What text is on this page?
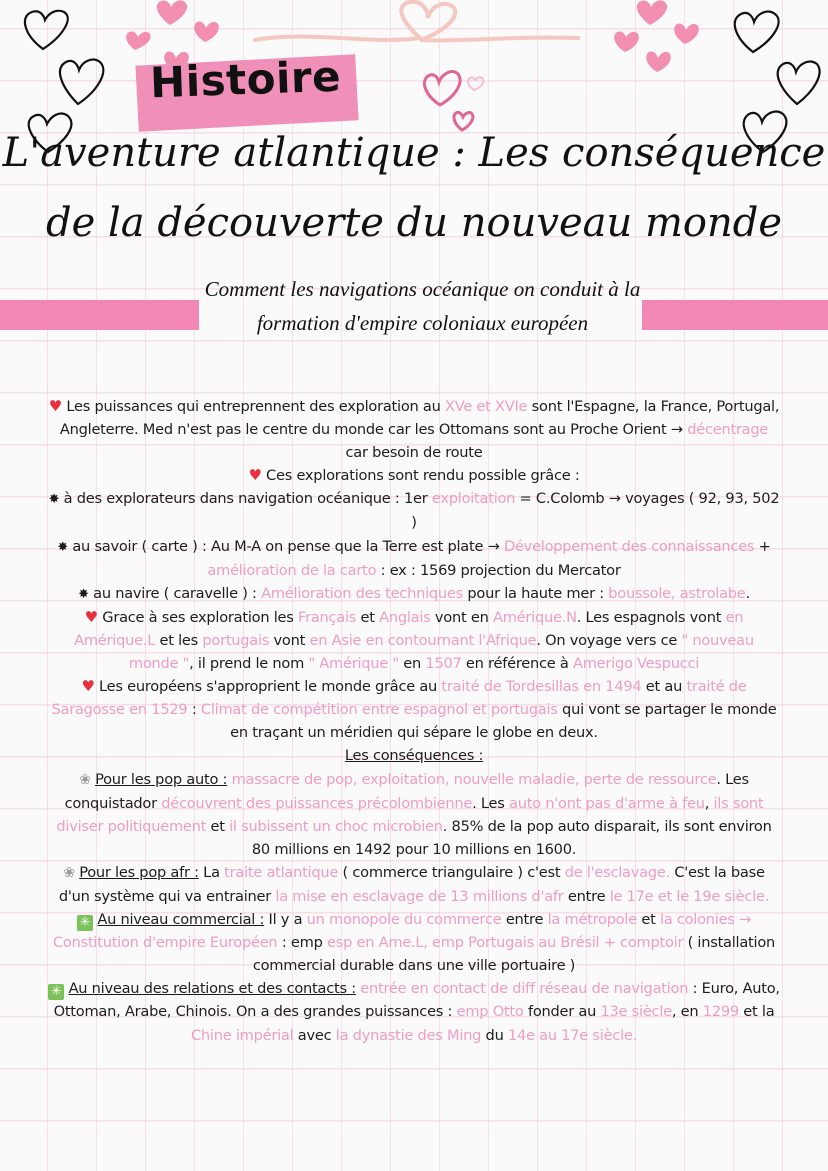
Histoire
L'aventure atlantique : Les conséquence
de la découverte du nouveau monde
Comment les navigations océanique on conduit à la
formation d'empire coloniaux européen

♥ Les puissances qui entreprennent des exploration au XVe et XVIe sont l'Espagne, la France, Portugal, Angleterre. Med n'est pas le centre du monde car les Ottomans sont au Proche Orient → décentrage car besoin de route

♥ Ces explorations sont rendu possible grâce :

✸ à des explorateurs dans navigation océanique : 1er exploitation = C.Colomb → voyages ( 92, 93, 502 )

✸ au savoir ( carte ) : Au M-A on pense que la Terre est plate → Développement des connaissances + amélioration de la carto : ex : 1569 projection du Mercator

✸ au navire ( caravelle ) : Amélioration des techniques pour la haute mer : boussole, astrolabe.

♥ Grace à ses exploration les Français et Anglais vont en Amérique.N. Les espagnols vont en Amérique.L et les portugais vont en Asie en contournant l'Afrique. On voyage vers ce " nouveau monde ", il prend le nom " Amérique " en 1507 en référence à Amerigo Vespucci

♥ Les européens s'approprient le monde grâce au traité de Tordesillas en 1494 et au traité de Saragosse en 1529 : Climat de compétition entre espagnol et portugais qui vont se partager le monde en traçant un méridien qui sépare le globe en deux.

Les conséquences :

❀ Pour les pop auto : massacre de pop, exploitation, nouvelle maladie, perte de ressource. Les conquistador découvrent des puissances précolombienne. Les auto n'ont pas d'arme à feu, ils sont diviser politiquement et il subissent un choc microbien. 85% de la pop auto disparait, ils sont environ 80 millions en 1492 pour 10 millions en 1600.

❀ Pour les pop afr : La traite atlantique ( commerce triangulaire ) c'est de l'esclavage. C'est la base d'un système qui va entrainer la mise en esclavage de 13 millions d'afr entre le 17e et le 19e siècle.

✳ Au niveau commercial : Il y a un monopole du commerce entre la métropole et la colonies → Constitution d'empire Européen : emp esp en Ame.L, emp Portugais au Brésil + comptoir ( installation commercial durable dans une ville portuaire )

✳ Au niveau des relations et des contacts : entrée en contact de diff réseau de navigation : Euro, Auto, Ottoman, Arabe, Chinois. On a des grandes puissances : emp Otto fonder au 13e siècle, en 1299 et la Chine impérial avec la dynastie des Ming du 14e au 17e siècle.
